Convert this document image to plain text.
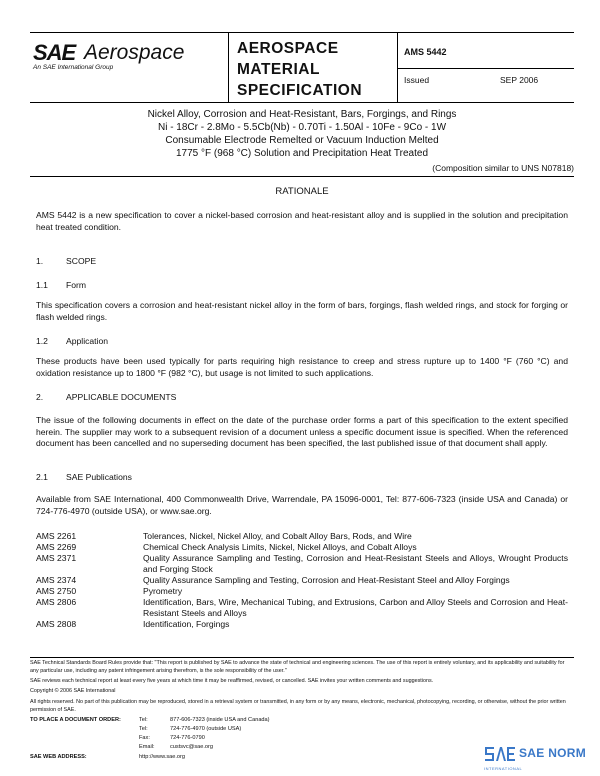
SAE Aerospace
An SAE International Group
AEROSPACE
MATERIAL
SPECIFICATION
AMS 5442
Issued	SEP 2006
Nickel Alloy, Corrosion and Heat-Resistant, Bars, Forgings, and Rings
Ni - 18Cr - 2.8Mo - 5.5Cb(Nb) - 0.70Ti - 1.50Al - 10Fe - 9Co - 1W
Consumable Electrode Remelted or Vacuum Induction Melted
1775 °F (968 °C) Solution and Precipitation Heat Treated
(Composition similar to UNS N07818)
RATIONALE
AMS 5442 is a new specification to cover a nickel-based corrosion and heat-resistant alloy and is supplied in the solution and precipitation heat treated condition.
1.	SCOPE
1.1 Form
This specification covers a corrosion and heat-resistant nickel alloy in the form of bars, forgings, flash welded rings, and stock for forging or flash welded rings.
1.2 Application
These products have been used typically for parts requiring high resistance to creep and stress rupture up to 1400 °F (760 °C) and oxidation resistance up to 1800 °F (982 °C), but usage is not limited to such applications.
2.	APPLICABLE DOCUMENTS
The issue of the following documents in effect on the date of the purchase order forms a part of this specification to the extent specified herein. The supplier may work to a subsequent revision of a document unless a specific document issue is specified. When the referenced document has been cancelled and no superseding document has been specified, the last published issue of that document shall apply.
2.1 SAE Publications
Available from SAE International, 400 Commonwealth Drive, Warrendale, PA 15096-0001, Tel: 877-606-7323 (inside USA and Canada) or 724-776-4970 (outside USA), or www.sae.org.
AMS 2261	Tolerances, Nickel, Nickel Alloy, and Cobalt Alloy Bars, Rods, and Wire
AMS 2269	Chemical Check Analysis Limits, Nickel, Nickel Alloys, and Cobalt Alloys
AMS 2371	Quality Assurance Sampling and Testing, Corrosion and Heat-Resistant Steels and Alloys, Wrought Products and Forging Stock
AMS 2374	Quality Assurance Sampling and Testing, Corrosion and Heat-Resistant Steel and Alloy Forgings
AMS 2750	Pyrometry
AMS 2806	Identification, Bars, Wire, Mechanical Tubing, and Extrusions, Carbon and Alloy Steels and Corrosion and Heat-Resistant Steels and Alloys
AMS 2808	Identification, Forgings
SAE Technical Standards Board Rules provide that: "This report is published by SAE to advance the state of technical and engineering sciences. The use of this report is entirely voluntary, and its applicability and suitability for any particular use, including any patent infringement arising therefrom, is the sole responsibility of the user."
SAE reviews each technical report at least every five years at which time it may be reaffirmed, revised, or cancelled. SAE invites your written comments and suggestions.
Copyright © 2006 SAE International
All rights reserved. No part of this publication may be reproduced, stored in a retrieval system or transmitted, in any form or by any means, electronic, mechanical, photocopying, recording, or otherwise, without the prior written permission of SAE.
TO PLACE A DOCUMENT ORDER:	Tel:	877-606-7323 (inside USA and Canada)
Tel:	724-776-4970 (outside USA)
Fax:	724-776-0790
Email:	custsvc@sae.org
SAE WEB ADDRESS:	http://www.sae.org	SAE NORM
INTERNATIONAL
